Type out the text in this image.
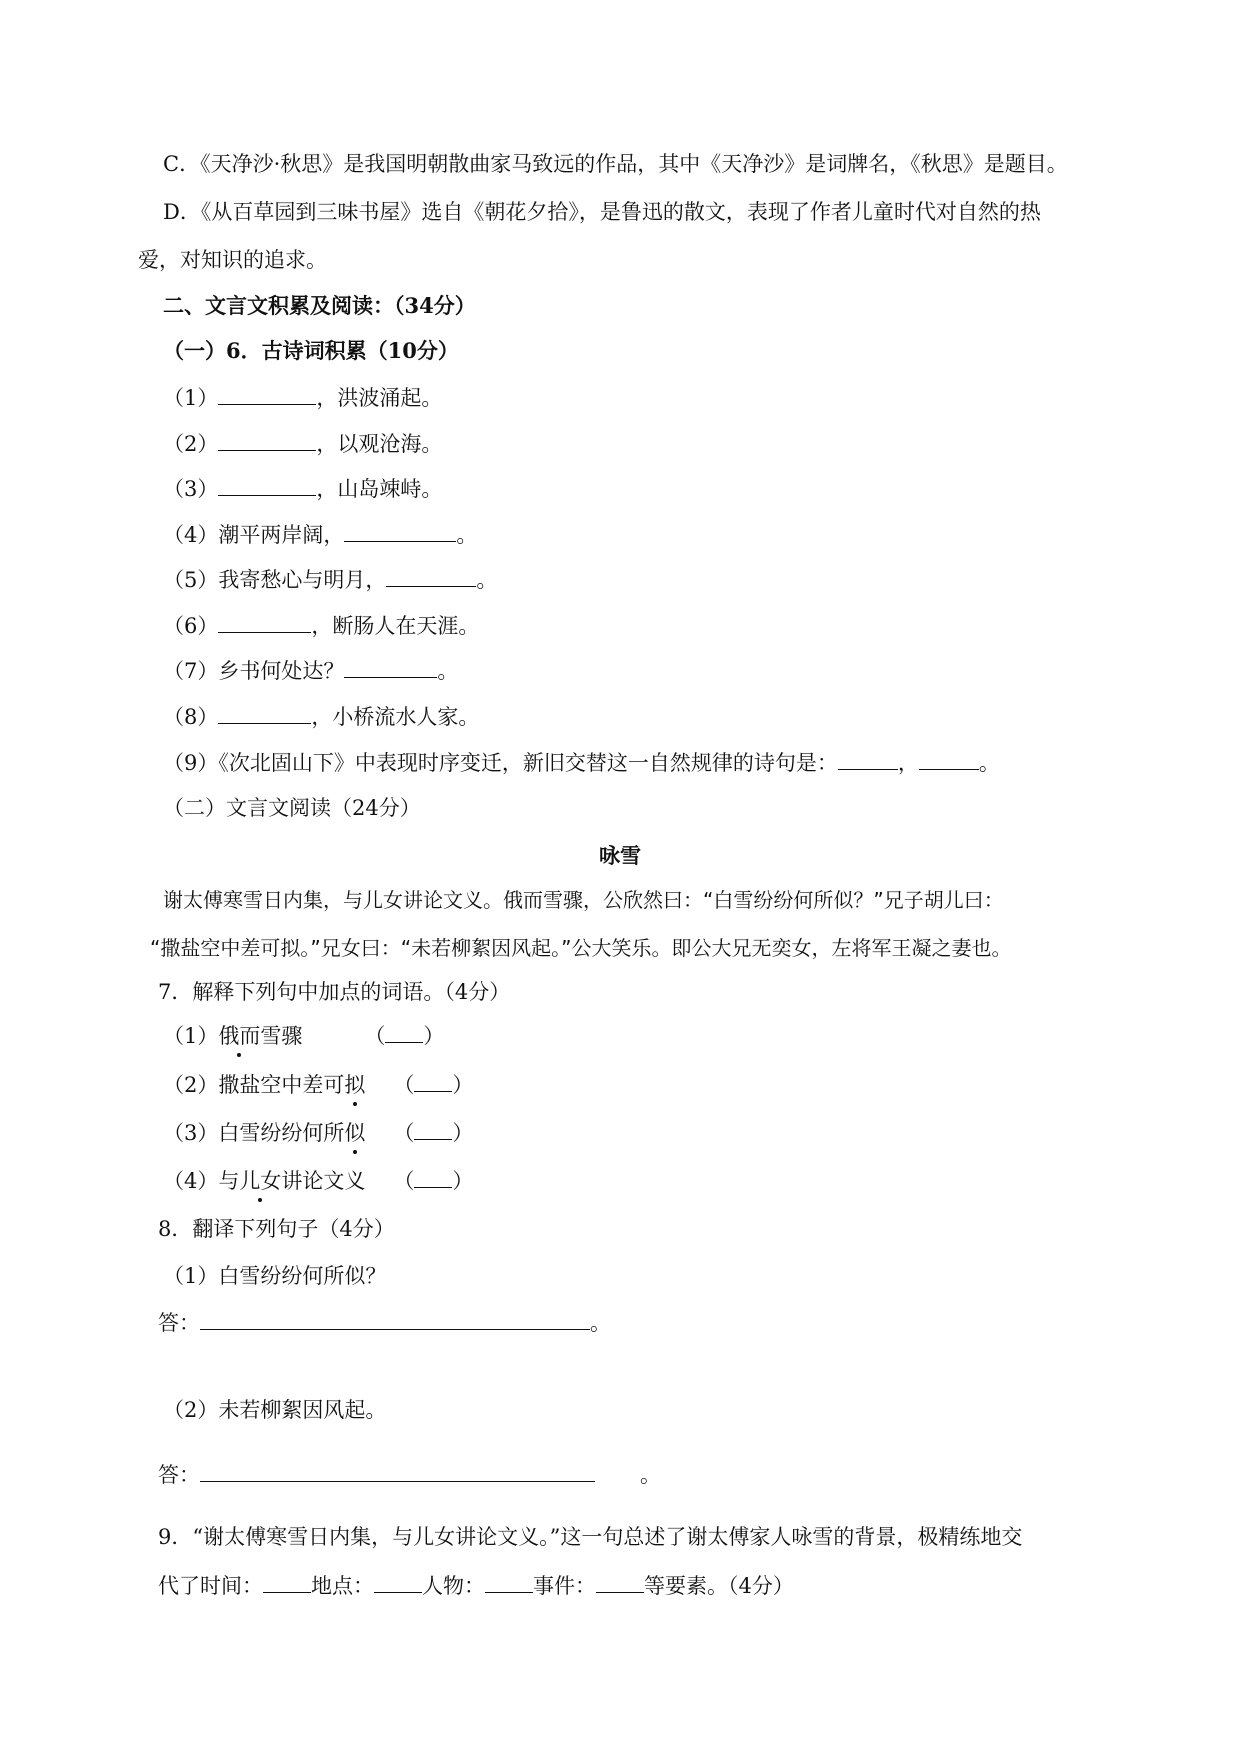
C．《天净沙·秋思》是我国明朝散曲家马致远的作品，其中《天净沙》是词牌名，《秋思》是题目。
D．《从百草园到三味书屋》选自《朝花夕拾》，是鲁迅的散文，表现了作者儿童时代对自然的热
爱，对知识的追求。
二、文言文积累及阅读：（34分）
（一）6．古诗词积累（10分）
（1）	，洪波涌起。
（2）	，以观沧海。
（3）	，山岛竦峙。
（4）潮平两岸阔，	。
（5）我寄愁心与明月，	。
（6）	，断肠人在天涯。
（7）乡书何处达？	。
（8）	，小桥流水人家。
（9）《次北固山下》中表现时序变迁，新旧交替这一自然规律的诗句是：	，	。
（二）文言文阅读（24分）
咏雪
谢太傅寒雪日内集，与儿女讲论文义。俄而雪骤，公欣然曰：“白雪纷纷何所似？”兄子胡儿曰：
“撒盐空中差可拟。”兄女曰：“未若柳絮因风起。”公大笑乐。即公大兄无奕女，左将军王凝之妻也。
7．解释下列句中加点的词语。（4分）
（1）俄而雪骤	（ ）
（2）撒盐空中差可拟 （ ）
（3）白雪纷纷何所似 （ ）
（4）与儿女讲论文义 （ ）
8．翻译下列句子（4分）
（1）白雪纷纷何所似？
答：	。
（2）未若柳絮因风起。
答：	。
9．“谢太傅寒雪日内集，与儿女讲论文义。”这一句总述了谢太傅家人咏雪的背景，极精练地交
代了时间： 地点： 人物： 事件： 等要素。（4分）
